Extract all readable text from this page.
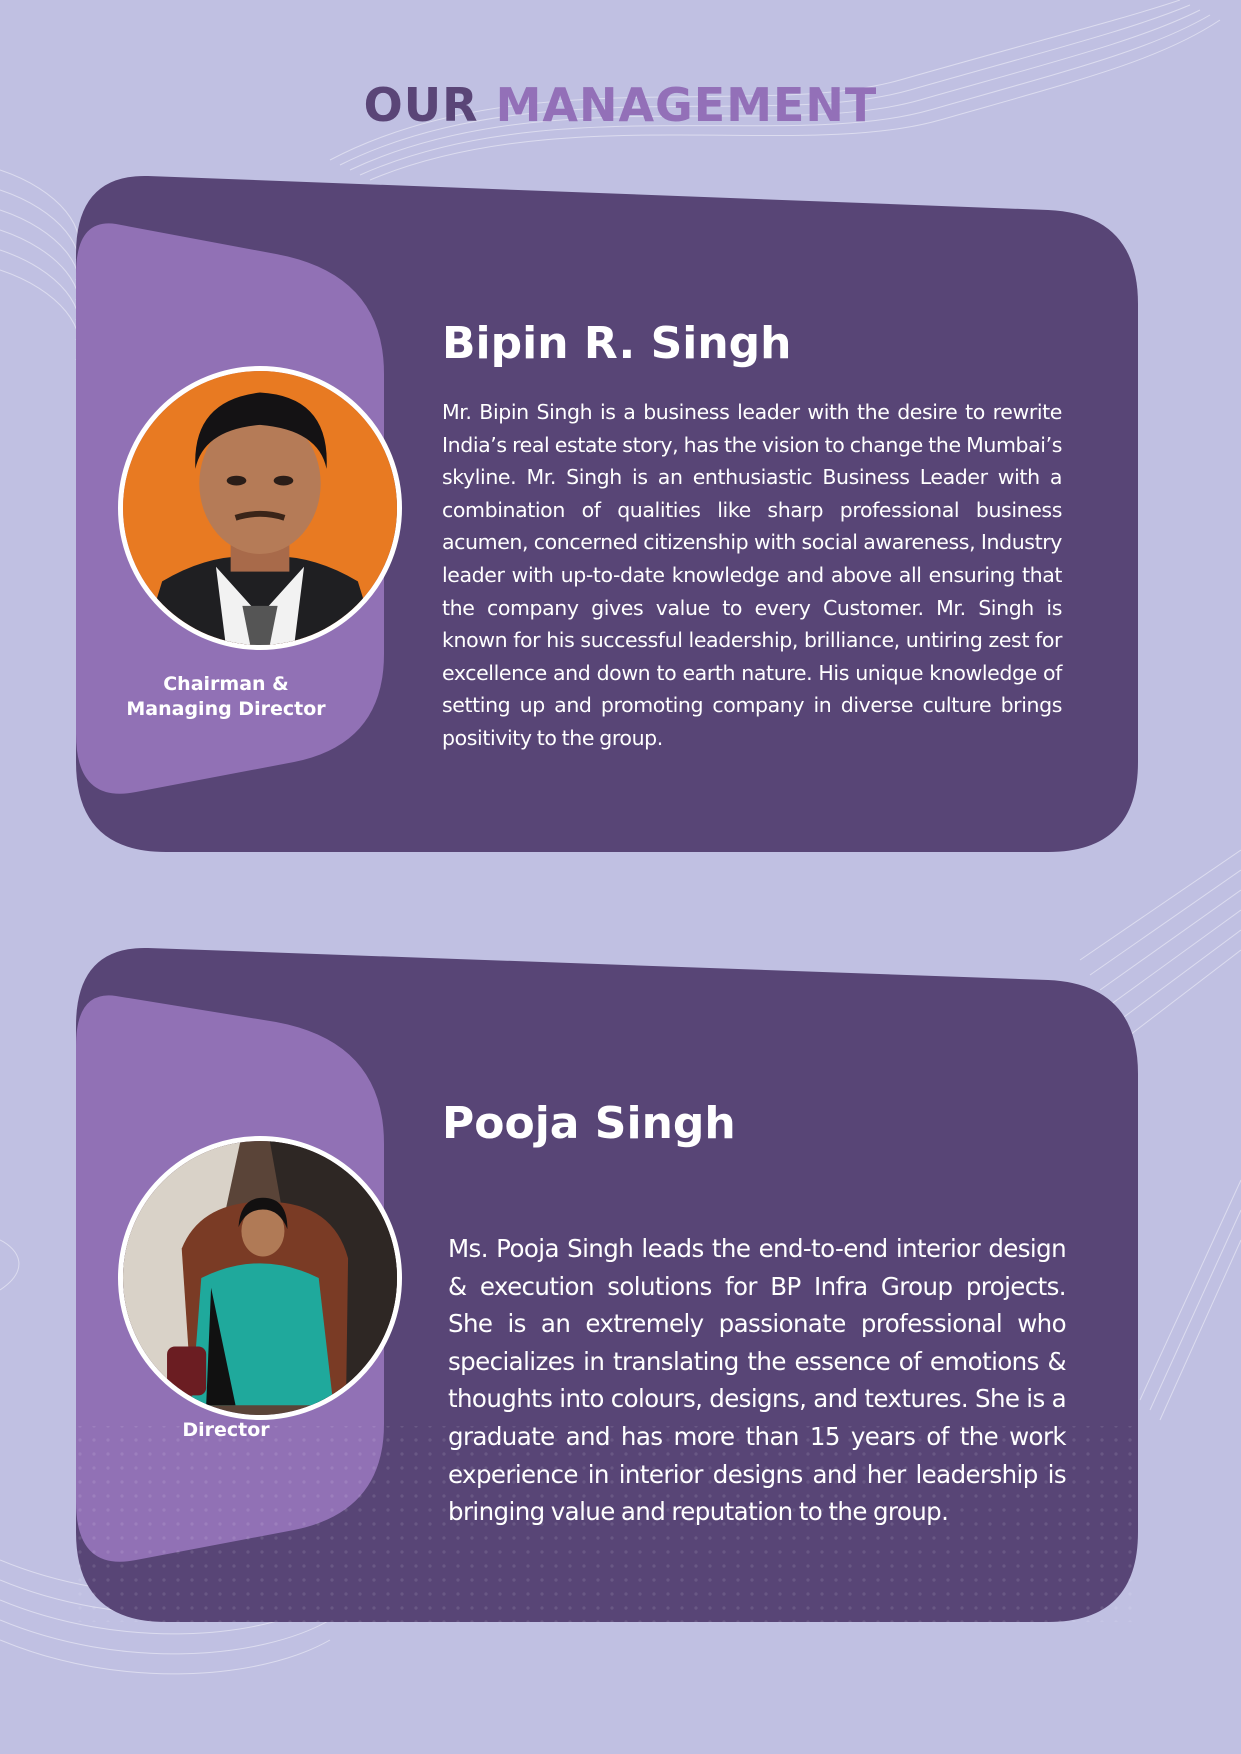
OUR MANAGEMENT
Chairman &
Managing Director
Bipin R. Singh

Mr. Bipin Singh is a business leader with the desire to rewrite India’s real estate story, has the vision to change the Mumbai’s skyline. Mr. Singh is an enthusiastic Business Leader with a combination of qualities like sharp professional business acumen, concerned citizenship with social awareness, Industry leader with up-to-date knowledge and above all ensuring that the company gives value to every Customer. Mr. Singh is known for his successful leadership, brilliance, untiring zest for excellence and down to earth nature. His unique knowledge of setting up and promoting company in diverse culture brings positivity to the group.

Director
Pooja Singh

Ms. Pooja Singh leads the end-to-end interior design & execution solutions for BP Infra Group projects. She is an extremely passionate professional who specializes in translating the essence of emotions & thoughts into colours, designs, and textures. She is a graduate and has more than 15 years of the work experience in interior designs and her leadership is bringing value and reputation to the group.
